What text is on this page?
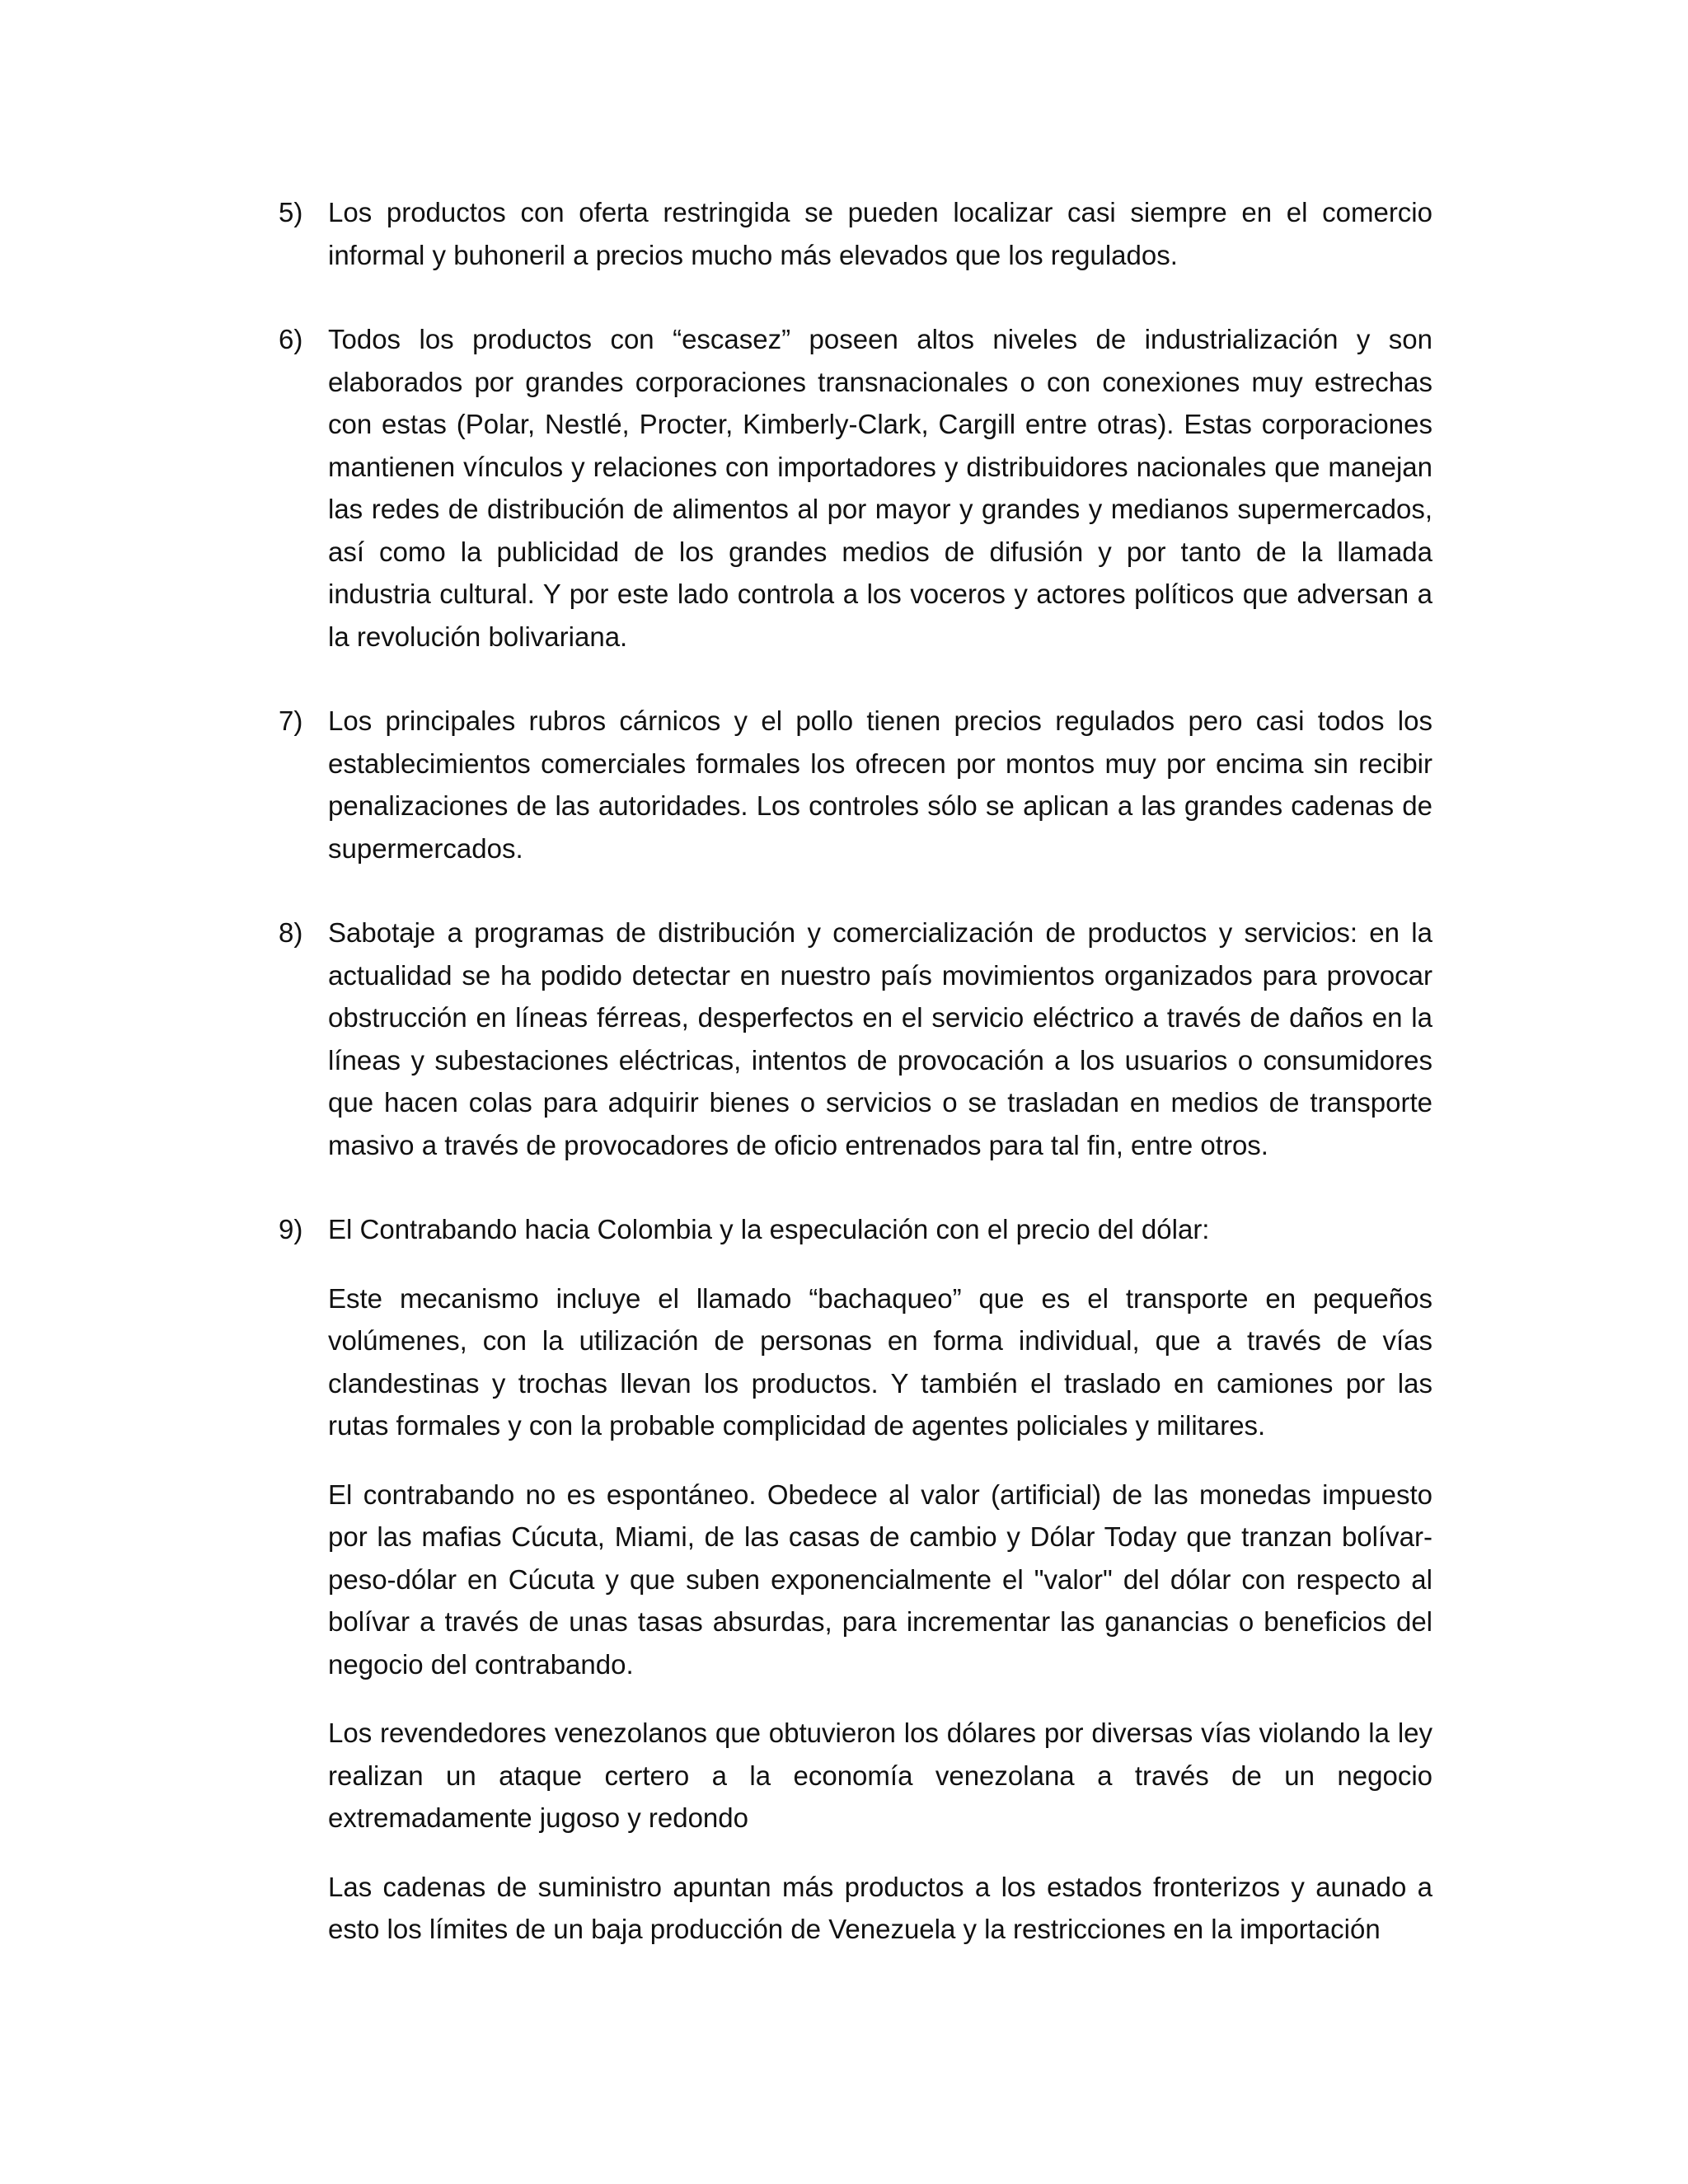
5) Los productos con oferta restringida se pueden localizar casi siempre en el comercio informal y buhoneril a precios mucho más elevados que los regulados.

6) Todos los productos con “escasez” poseen altos niveles de industrialización y son elaborados por grandes corporaciones transnacionales o con conexiones muy estrechas con estas (Polar, Nestlé, Procter, Kimberly-Clark, Cargill entre otras). Estas corporaciones mantienen vínculos y relaciones con importadores y distribuidores nacionales que manejan las redes de distribución de alimentos al por mayor y grandes y medianos supermercados, así como la publicidad de los grandes medios de difusión y por tanto de la llamada industria cultural. Y por este lado controla a los voceros y actores políticos que adversan a la revolución bolivariana.

7) Los principales rubros cárnicos y el pollo tienen precios regulados pero casi todos los establecimientos comerciales formales los ofrecen por montos muy por encima sin recibir penalizaciones de las autoridades. Los controles sólo se aplican a las grandes cadenas de supermercados.

8) Sabotaje a programas de distribución y comercialización de productos y servicios: en la actualidad se ha podido detectar en nuestro país movimientos organizados para provocar obstrucción en líneas férreas, desperfectos en el servicio eléctrico a través de daños en la líneas y subestaciones eléctricas, intentos de provocación a los usuarios o consumidores que hacen colas para adquirir bienes o servicios o se trasladan en medios de transporte masivo a través de provocadores de oficio entrenados para tal fin, entre otros.

9) El Contrabando hacia Colombia y la especulación con el precio del dólar:

Este mecanismo incluye el llamado “bachaqueo” que es el transporte en pequeños volúmenes, con la utilización de personas en forma individual, que a través de vías clandestinas y trochas llevan los productos. Y también el traslado en camiones por las rutas formales y con la probable complicidad de agentes policiales y militares.

El contrabando no es espontáneo. Obedece al valor (artificial) de las monedas impuesto por las mafias Cúcuta, Miami, de las casas de cambio y Dólar Today que tranzan bolívar-peso-dólar en Cúcuta y que suben exponencialmente el "valor" del dólar con respecto al bolívar a través de unas tasas absurdas, para incrementar las ganancias o beneficios del negocio del contrabando.

Los revendedores venezolanos que obtuvieron los dólares por diversas vías violando la ley realizan un ataque certero a la economía venezolana a través de un negocio extremadamente jugoso y redondo

Las cadenas de suministro apuntan más productos a los estados fronterizos y aunado a esto los límites de un baja producción de Venezuela y la restricciones en la importación
